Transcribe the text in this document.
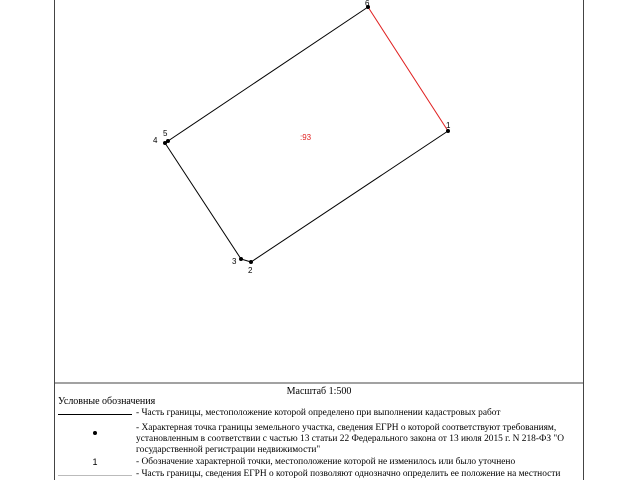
6
1
2
3
4
5	:93
Масштаб 1:500
Условные обозначения
- Часть границы, местоположение которой определено при выполнении кадастровых работ
- Характерная точка границы земельного участка, сведения ЕГРН о которой соответствуют требованиям, установленным в соответствии с частью 13 статьи 22 Федерального закона от 13 июля 2015 г. N 218-ФЗ "О государственной регистрации недвижимости"
1	- Обозначение характерной точки, местоположение которой не изменилось или было уточнено
- Часть границы, сведения ЕГРН о которой позволяют однозначно определить ее положение на местности
